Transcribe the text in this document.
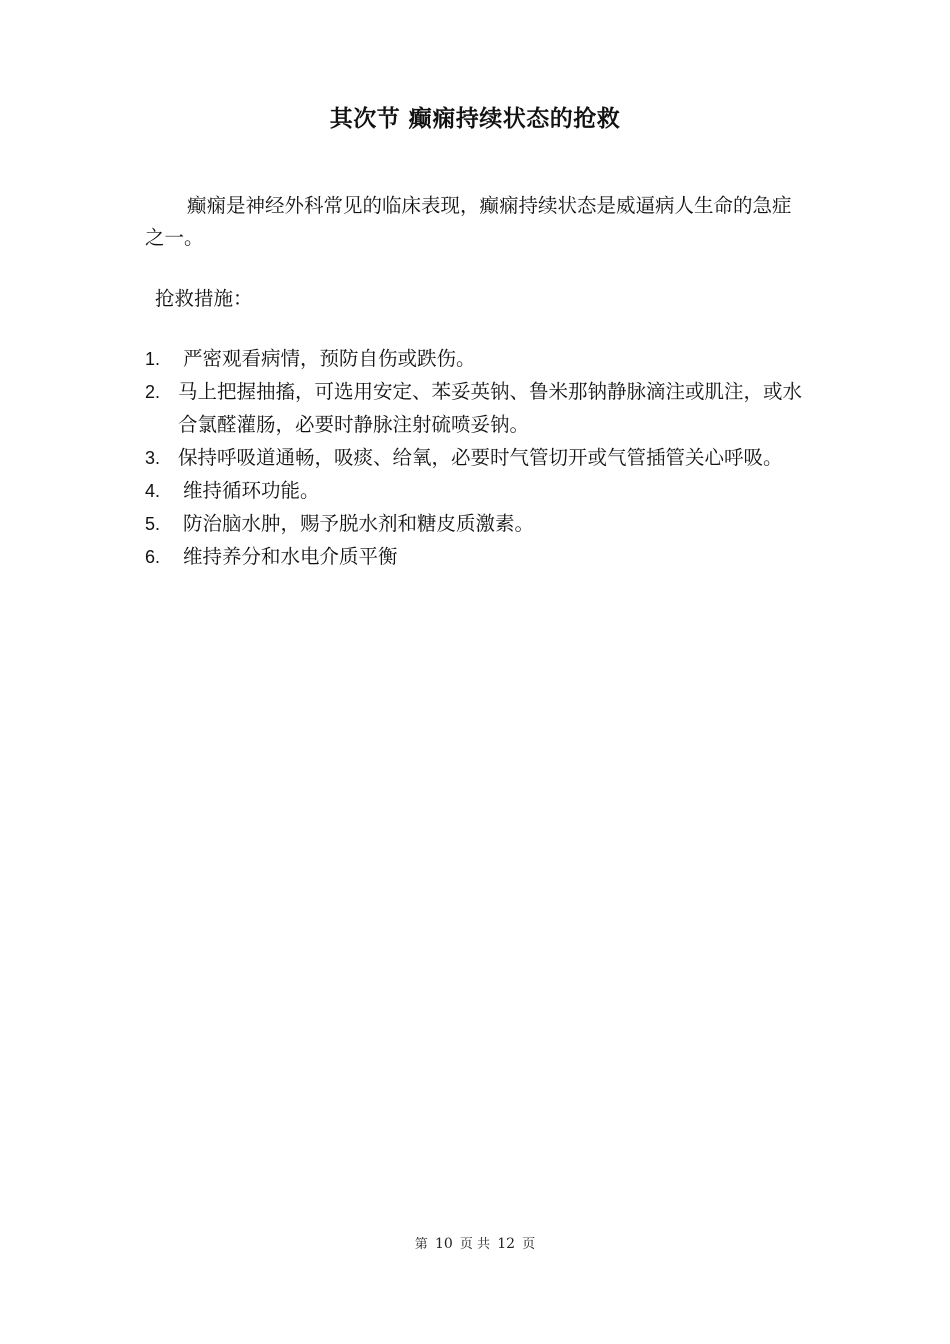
其次节 癫痫持续状态的抢救

癫痫是神经外科常见的临床表现，癫痫持续状态是威逼病人生命的急症之一。

抢救措施：

1. 严密观看病情，预防自伤或跌伤。
2. 马上把握抽搐，可选用安定、苯妥英钠、鲁米那钠静脉滴注或肌注，或水合氯醛灌肠，必要时静脉注射硫喷妥钠。
3. 保持呼吸道通畅，吸痰、给氧，必要时气管切开或气管插管关心呼吸。
4. 维持循环功能。
5. 防治脑水肿，赐予脱水剂和糖皮质激素。
6. 维持养分和水电介质平衡
第 10 页 共 12 页
